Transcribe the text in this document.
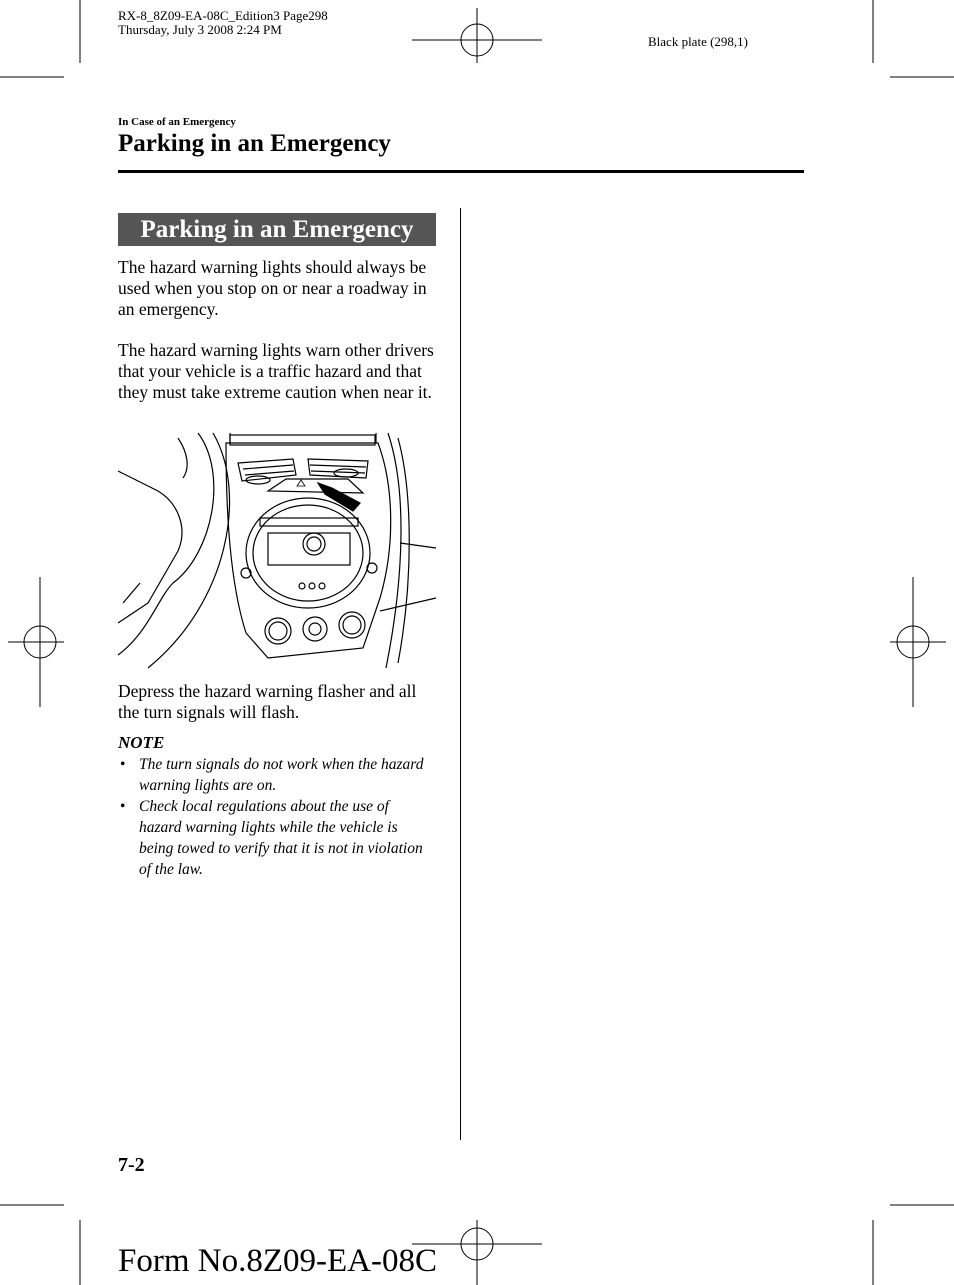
RX-8_8Z09-EA-08C_Edition3 Page298
Thursday, July 3 2008 2:24 PM
Black plate (298,1)
In Case of an Emergency
Parking in an Emergency
Parking in an Emergency
The hazard warning lights should always be used when you stop on or near a roadway in an emergency.
The hazard warning lights warn other drivers that your vehicle is a traffic hazard and that they must take extreme caution when near it.
Depress the hazard warning flasher and all the turn signals will flash.
NOTE
• The turn signals do not work when the hazard warning lights are on.
• Check local regulations about the use of hazard warning lights while the vehicle is being towed to verify that it is not in violation of the law.
7-2
Form No.8Z09-EA-08C
